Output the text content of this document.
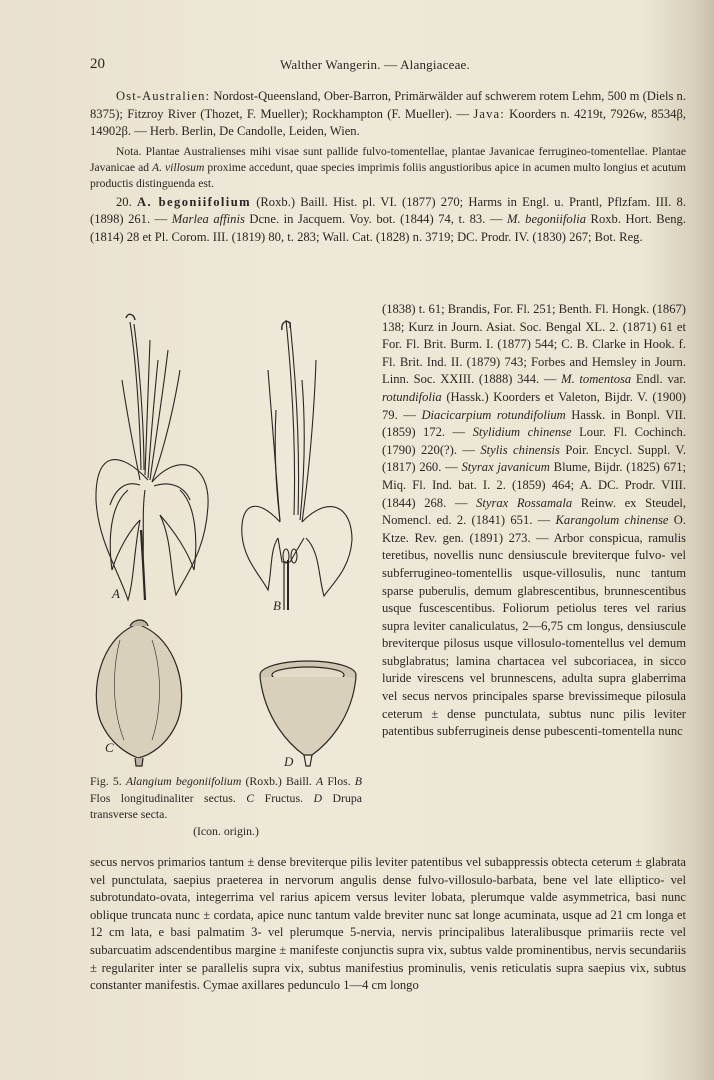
20	Walther Wangerin. — Alangiaceae.

Ost-Australien: Nordost-Queensland, Ober-Barron, Primärwälder auf schwerem rotem Lehm, 500 m (Diels n. 8375); Fitzroy River (Thozet, F. Mueller); Rockhampton (F. Mueller). — Java: Koorders n. 4219t, 7926w, 8534β, 14902β. — Herb. Berlin, De Candolle, Leiden, Wien.

Nota. Plantae Australienses mihi visae sunt pallide fulvo-tomentellae, plantae Javanicae ferrugineo-tomentellae. Plantae Javanicae ad A. villosum proxime accedunt, quae species imprimis foliis angustioribus apice in acumen multo longius et acutum productis distinguenda est.

20. A. begoniifolium (Roxb.) Baill. Hist. pl. VI. (1877) 270; Harms in Engl. u. Prantl, Pflzfam. III. 8. (1898) 261. — Marlea affinis Dcne. in Jacquem. Voy. bot. (1844) 74, t. 83. — M. begoniifolia Roxb. Hort. Beng. (1814) 28 et Pl. Corom. III. (1819) 80, t. 283; Wall. Cat. (1828) n. 3719; DC. Prodr. IV. (1830) 267; Bot. Reg.

A
B
C
D
Fig. 5. Alangium begoniifolium (Roxb.) Baill. A Flos. B Flos longitudinaliter sectus. C Fructus. D Drupa transverse secta.
(Icon. origin.)

(1838) t. 61; Brandis, For. Fl. 251; Benth. Fl. Hongk. (1867) 138; Kurz in Journ. Asiat. Soc. Bengal XL. 2. (1871) 61 et For. Fl. Brit. Burm. I. (1877) 544; C. B. Clarke in Hook. f. Fl. Brit. Ind. II. (1879) 743; Forbes and Hemsley in Journ. Linn. Soc. XXIII. (1888) 344. — M. tomentosa Endl. var. rotundifolia (Hassk.) Koorders et Valeton, Bijdr. V. (1900) 79. — Diacicarpium rotundifolium Hassk. in Bonpl. VII. (1859) 172. — Stylidium chinense Lour. Fl. Cochinch. (1790) 220(?). — Stylis chinensis Poir. Encycl. Suppl. V. (1817) 260. — Styrax javanicum Blume, Bijdr. (1825) 671; Miq. Fl. Ind. bat. I. 2. (1859) 464; A. DC. Prodr. VIII. (1844) 268. — Styrax Rossamala Reinw. ex Steudel, Nomencl. ed. 2. (1841) 651. — Karangolum chinense O. Ktze. Rev. gen. (1891) 273. — Arbor conspicua, ramulis teretibus, novellis nunc densiuscule breviterque fulvo- vel subferrugineo-tomentellis usque-villosulis, nunc tantum sparse puberulis, demum glabrescentibus, brunnescentibus usque fuscescentibus. Foliorum petiolus teres vel rarius supra leviter canaliculatus, 2—6,75 cm longus, densiuscule breviterque pilosus usque villosulo-tomentellus vel demum subglabratus; lamina chartacea vel subcoriacea, in sicco luride virescens vel brunnescens, adulta supra glaberrima vel secus nervos principales sparse brevissimeque pilosula ceterum ± dense punctulata, subtus nunc pilis leviter patentibus subferrugineis dense pubescenti-tomentella nunc

secus nervos primarios tantum ± dense breviterque pilis leviter patentibus vel subappressis obtecta ceterum ± glabrata vel punctulata, saepius praeterea in nervorum angulis dense fulvo-villosulo-barbata, bene vel late elliptico- vel subrotundato-ovata, integerrima vel rarius apicem versus leviter lobata, plerumque valde asymmetrica, basi nunc oblique truncata nunc ± cordata, apice nunc tantum valde breviter nunc sat longe acuminata, usque ad 21 cm longa et 12 cm lata, e basi palmatim 3- vel plerumque 5-nervia, nervis principalibus lateralibusque primariis recte vel subarcuatim adscendentibus margine ± manifeste conjunctis supra vix, subtus valde prominentibus, nervis secundariis ± regulariter inter se parallelis supra vix, subtus manifestius prominulis, venis reticulatis supra saepius vix, subtus constanter manifestis. Cymae axillares pedunculo 1—4 cm longo
